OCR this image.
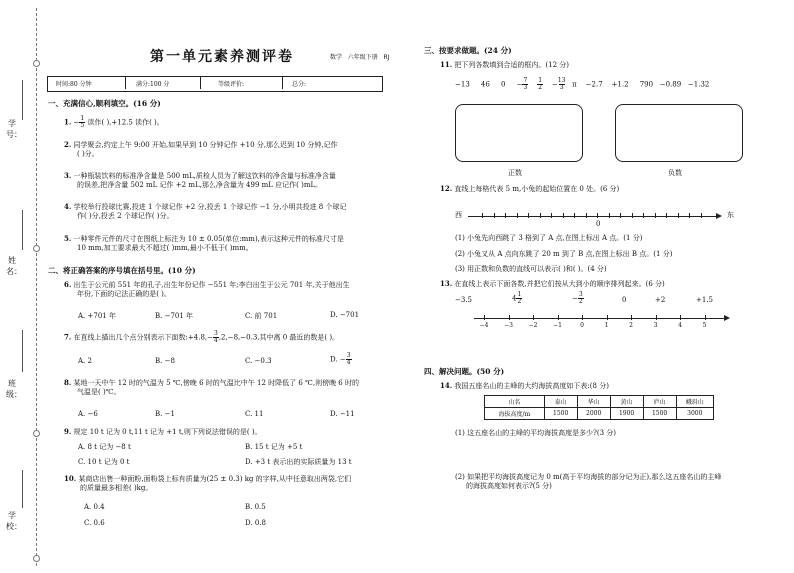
学 号：
姓 名：
班 级：
学 校：
第一单元素养测评卷	数学 六年级下册 RJ
时间:80 分钟	满分:100 分	等级评价:	总分:
一、充满信心,顺利填空。(16 分)
1. $-\frac{1}{5}$ 读作( ),+12.5 读作( )。
2. 同学聚会,约定上午 9:00 开始,如果早到 10 分钟记作 +10 分,那么迟到 10 分钟,记作
( )分。
3. 一种瓶装饮料的标准净含量是 500 mL,质检人员为了解这饮料的净含量与标准净含量
的误差,把净含量 502 mL 记作 +2 mL,那么净含量为 499 mL 应记作( )mL。
4. 学校举行投球比赛,投进 1 个球记作 +2 分,投丢 1 个球记作 −1 分,小明共投进 8 个球记
作( )分,投丢 2 个球记作( )分。
5. 一种零件元件的尺寸在图纸上标注为 10 ± 0.05(单位:mm),表示这种元件的标准尺寸是
10 mm,加工要求最大不超过( )mm,最小不低于( )mm。
二、将正确答案的序号填在括号里。(10 分)
6. 出生于公元前 551 年的孔子,出生年份记作 −551 年;李白出生于公元 701 年,关于他出生
年份,下面的记法正确的是( )。
A. +701 年	B. −701 年	C. 前 701	D. −701
7. 在直线上描出几个点分别表示下面数$:+4.8,-\frac{3}{4},2,-8,-0.3$,其中离 0 最近的数是( )。
A. 2	B. −8	C. −0.3	D. $-\frac{3}{4}$
8. 某地一天中午 12 时的气温为 5 ℃,傍晚 6 时的气温比中午 12 时降低了 6 ℃,则傍晚 6 时的
气温是( )℃。
A. −6	B. −1	C. 11	D. −11
9. 规定 10 t 记为 0 t,11 t 记为 +1 t,则下列说法错误的是( )。
A. 8 t 记为 −8 t	B. 15 t 记为 +5 t
C. 10 t 记为 0 t	D. +3 t 表示出的实际质量为 13 t
10. 某商店出售一种面粉,面粉袋上标有质量为(25 ± 0.3) kg 的字样,从中任意取出两袋,它们
的质量最多相差( )kg。
A. 0.4	B. 0.5
C. 0.6	D. 0.8
三、按要求做题。(24 分)
11. 把下列各数填到合适的框内。(12 分)
−13 46 $0 -\frac{7}{3} \frac{1}{2} -\frac{13}{3}$ π −2.7 +1.2 790 −0.89 −1.32
正数	负数
12. 直线上每格代表 5 m,小兔的起始位置在 0 处。(6 分)
西	东
0
(1) 小兔先向西跳了 3 格到了 A 点,在图上标出 A 点。(1 分)
(2) 小兔又从 A 点向东跳了 20 m 到了 B 点,在图上标出 B 点。(1 分)
(3) 用正数和负数的直线可以表示( )和( )。(4 分)
13. 在直线上表示下面各数,并把它们按从大到小的顺序排列起来。(6 分)
−3.5	$4\frac{1}{2}$	$-\frac{3}{2}$	0	+2	+1.5
−4	−3	−2	−1	0	1	2	3	4	5
四、解决问题。(50 分)
14. 我国五座名山的主峰的大约海拔高度如下表:(8 分)
山名	泰山	华山	黄山	庐山	峨眉山
海拔高度/m	1500	2000	1900	1500	3000
(1) 这五座名山的主峰的平均海拔高度是多少?(3 分)
(2) 如果把平均海拔高度记为 0 m(高于平均海拔的部分记为正),那么这五座名山的主峰
的海拔高度如何表示?(5 分)
